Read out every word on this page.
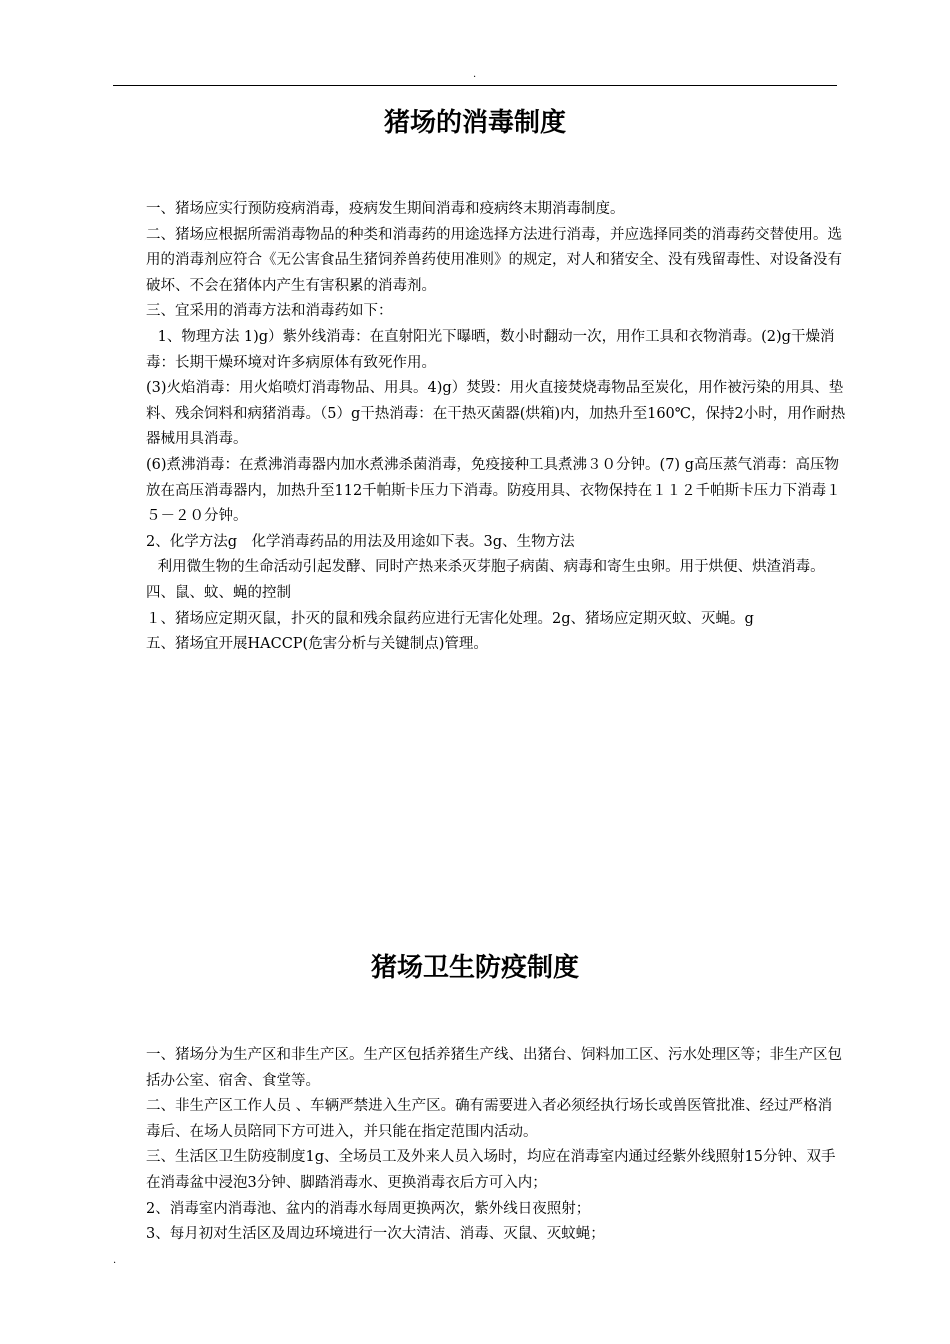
.
猪场的消毒制度

一、猪场应实行预防疫病消毒，疫病发生期间消毒和疫病终末期消毒制度。

二、猪场应根据所需消毒物品的种类和消毒药的用途选择方法进行消毒，并应选择同类的消毒药交替使用。选用的消毒剂应符合《无公害食品生猪饲养兽药使用准则》的规定，对人和猪安全、没有残留毒性、对设备没有破坏、不会在猪体内产生有害积累的消毒剂。

三、宜采用的消毒方法和消毒药如下：

1、物理方法 1)ց）紫外线消毒：在直射阳光下曝晒，数小时翻动一次，用作工具和衣物消毒。(2)ց干燥消毒：长期干燥环境对许多病原体有致死作用。

(3)火焰消毒：用火焰喷灯消毒物品、用具。4)ց）焚毁：用火直接焚烧毒物品至炭化，用作被污染的用具、垫料、残余饲料和病猪消毒。（5）ց干热消毒：在干热灭菌器(烘箱)内，加热升至160℃，保持2小时，用作耐热器械用具消毒。

(6)煮沸消毒：在煮沸消毒器内加水煮沸杀菌消毒，免疫接种工具煮沸３０分钟。(7) ց高压蒸气消毒：高压物放在高压消毒器内，加热升至112千帕斯卡压力下消毒。防疫用具、衣物保持在１１２千帕斯卡压力下消毒１５－２０分钟。

2、化学方法ց　化学消毒药品的用法及用途如下表。3ց、生物方法

利用微生物的生命活动引起发酵、同时产热来杀灭芽胞子病菌、病毒和寄生虫卵。用于烘便、烘渣消毒。

四、鼠、蚊、蝇的控制

１、猪场应定期灭鼠，扑灭的鼠和残余鼠药应进行无害化处理。2ց、猪场应定期灭蚊、灭蝇。ց

五、猪场宜开展HACCP(危害分析与关键制点)管理。

猪场卫生防疫制度

一、猪场分为生产区和非生产区。生产区包括养猪生产线、出猪台、饲料加工区、污水处理区等；非生产区包括办公室、宿舍、食堂等。

二、非生产区工作人员 、车辆严禁进入生产区。确有需要进入者必须经执行场长或兽医管批准、经过严格消毒后、在场人员陪同下方可进入，并只能在指定范围内活动。

三、生活区卫生防疫制度1ց、全场员工及外来人员入场时，均应在消毒室内通过经紫外线照射15分钟、双手在消毒盆中浸泡3分钟、脚踏消毒水、更换消毒衣后方可入内；

2、消毒室内消毒池、盆内的消毒水每周更换两次，紫外线日夜照射；

3、每月初对生活区及周边环境进行一次大清洁、消毒、灭鼠、灭蚊蝇；

.
